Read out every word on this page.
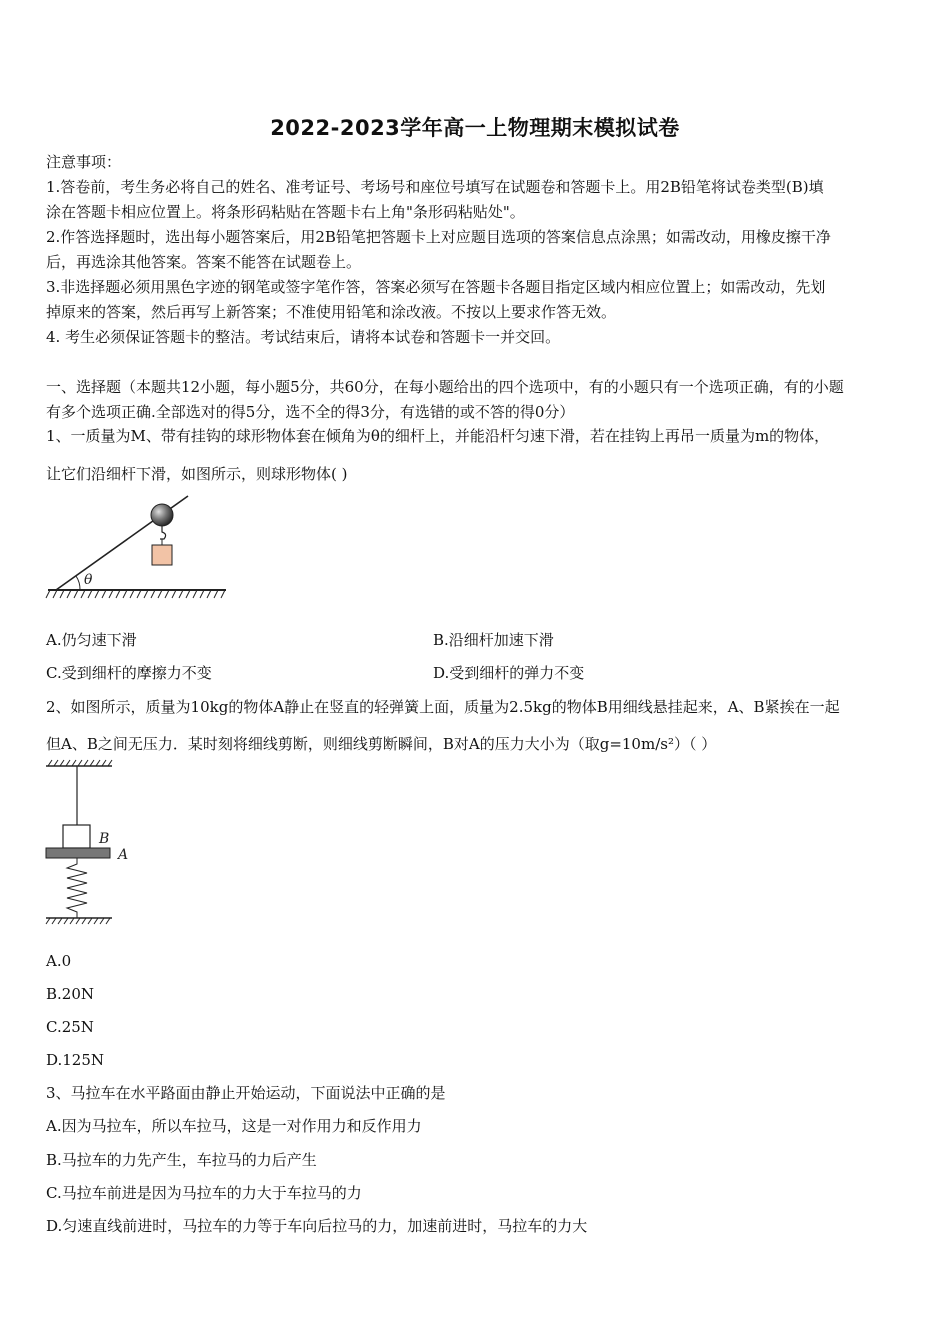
2022-2023学年高一上物理期末模拟试卷
注意事项：
1.答卷前，考生务必将自己的姓名、准考证号、考场号和座位号填写在试题卷和答题卡上。用2B铅笔将试卷类型(B)填
涂在答题卡相应位置上。将条形码粘贴在答题卡右上角"条形码粘贴处"。
2.作答选择题时，选出每小题答案后，用2B铅笔把答题卡上对应题目选项的答案信息点涂黑；如需改动，用橡皮擦干净
后，再选涂其他答案。答案不能答在试题卷上。
3.非选择题必须用黑色字迹的钢笔或签字笔作答，答案必须写在答题卡各题目指定区域内相应位置上；如需改动，先划
掉原来的答案，然后再写上新答案；不准使用铅笔和涂改液。不按以上要求作答无效。
4. 考生必须保证答题卡的整洁。考试结束后，请将本试卷和答题卡一并交回。
一、选择题（本题共12小题，每小题5分，共60分，在每小题给出的四个选项中，有的小题只有一个选项正确，有的小题
有多个选项正确.全部选对的得5分，选不全的得3分，有选错的或不答的得0分）
1、一质量为M、带有挂钩的球形物体套在倾角为θ的细杆上，并能沿杆匀速下滑，若在挂钩上再吊一质量为m的物体，
让它们沿细杆下滑，如图所示，则球形物体( )
θ
A.仍匀速下滑	B.沿细杆加速下滑
C.受到细杆的摩擦力不变	D.受到细杆的弹力不变
2、如图所示，质量为10kg的物体A静止在竖直的轻弹簧上面，质量为2.5kg的物体B用细线悬挂起来，A、B紧挨在一起
但A、B之间无压力．某时刻将细线剪断，则细线剪断瞬间，B对A的压力大小为（取g=10m/s²）（ ）
B
A
A.0
B.20N
C.25N
D.125N
3、马拉车在水平路面由静止开始运动，下面说法中正确的是
A.因为马拉车，所以车拉马，这是一对作用力和反作用力
B.马拉车的力先产生，车拉马的力后产生
C.马拉车前进是因为马拉车的力大于车拉马的力
D.匀速直线前进时，马拉车的力等于车向后拉马的力，加速前进时，马拉车的力大
